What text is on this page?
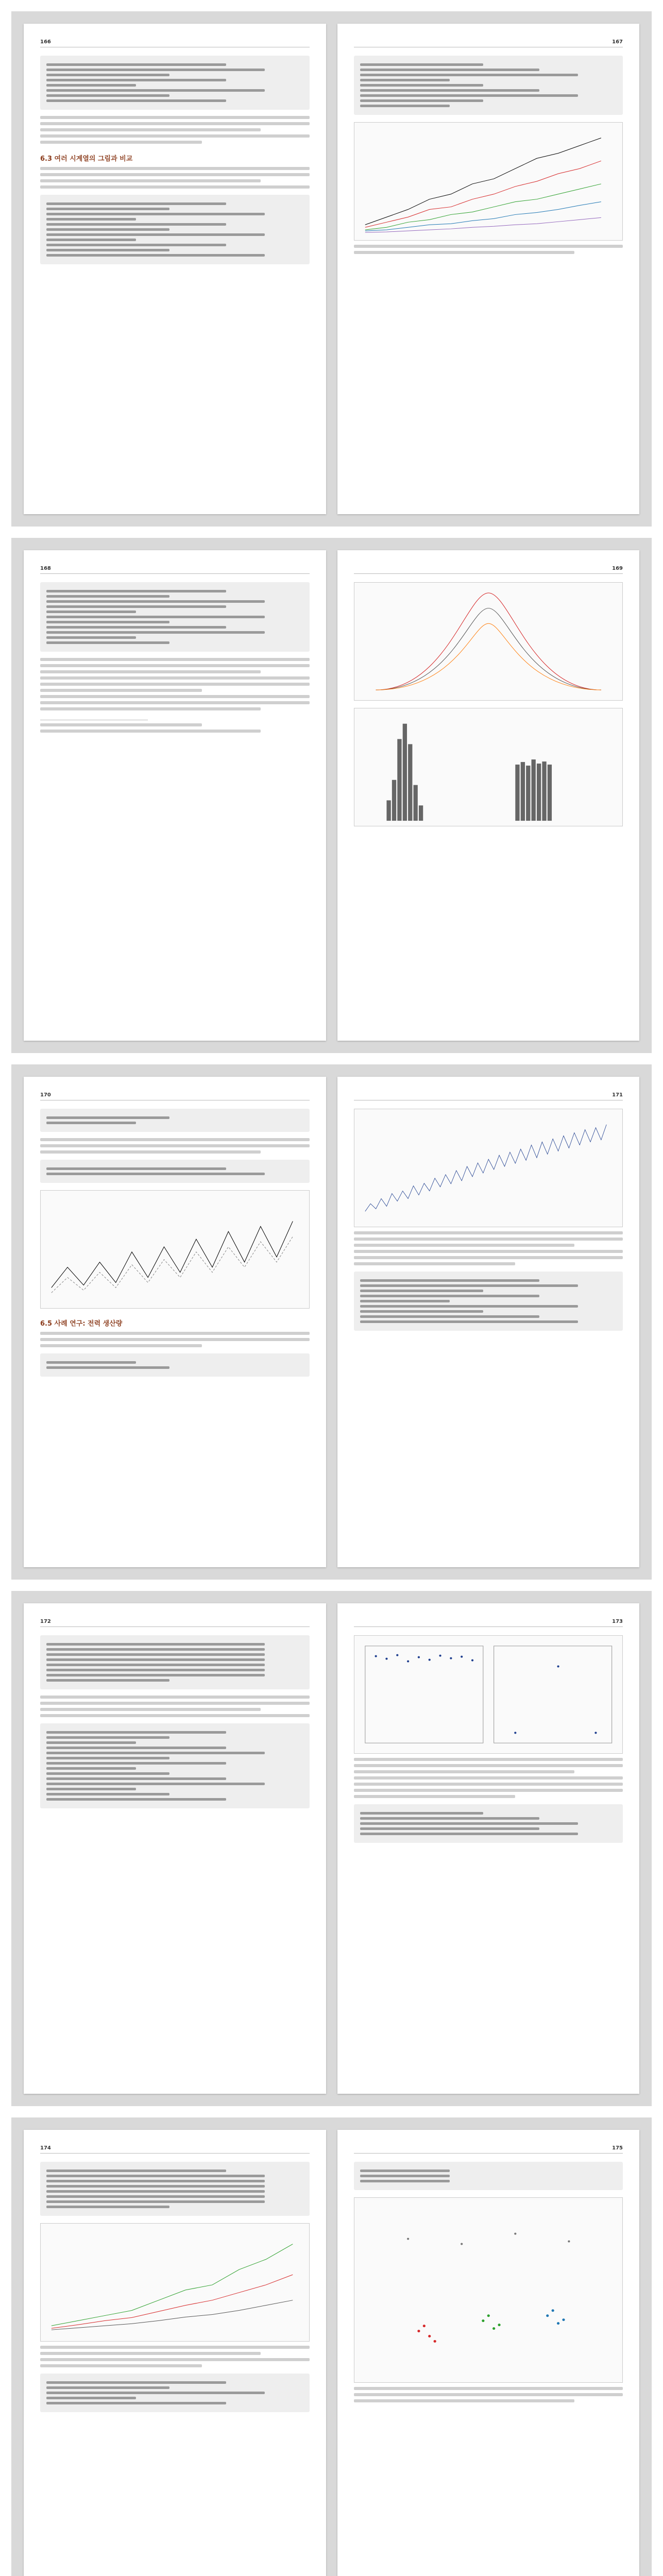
166
6.3 여러 시계열의 그림과 비교
167
168	169
170
6.5 사례 연구: 전력 생산량
171
172	173
174	175
